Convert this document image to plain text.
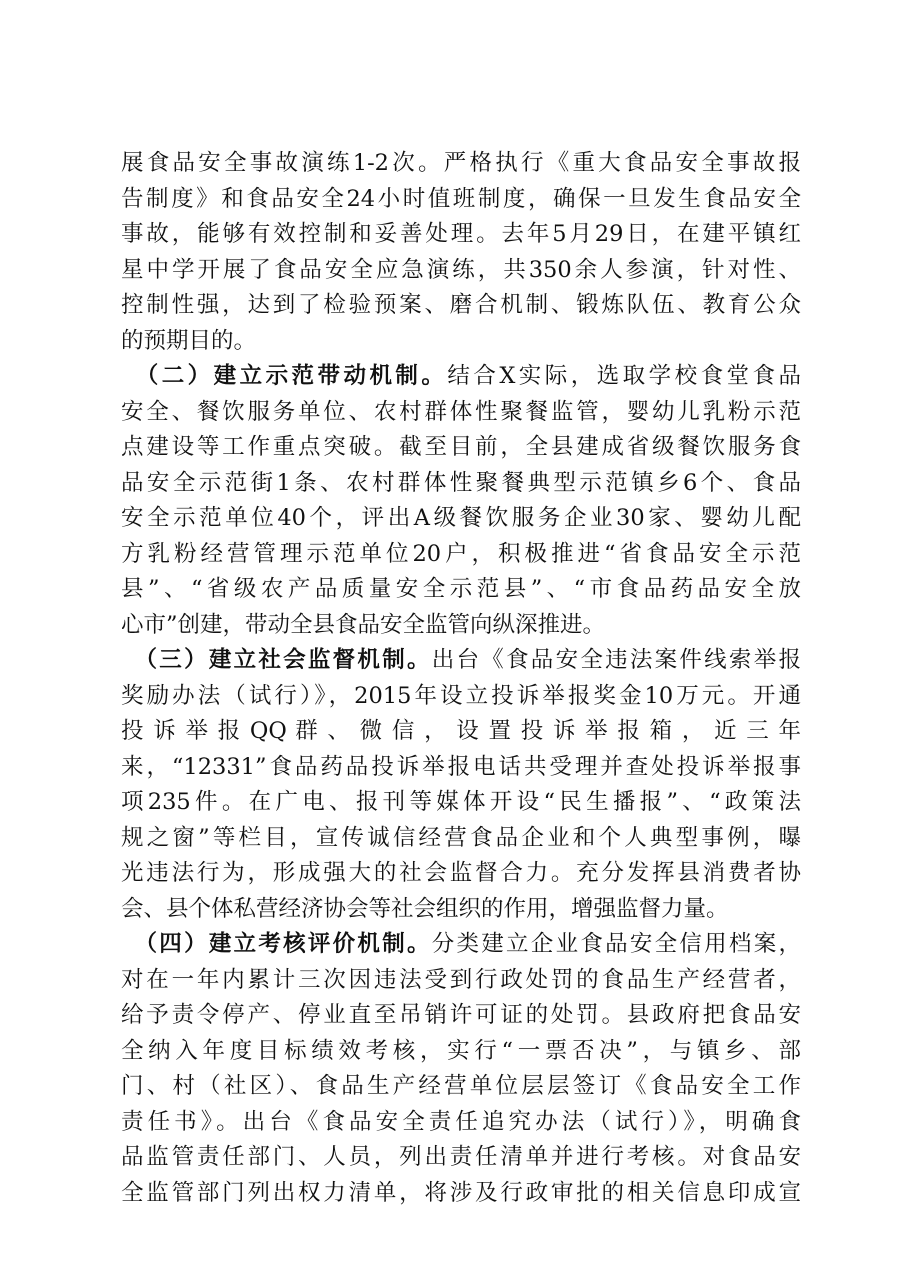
展食品安全事故演练1-2次。严格执行《重大食品安全事故报
告制度》和食品安全24小时值班制度，确保一旦发生食品安全
事故，能够有效控制和妥善处理。去年5月29日，在建平镇红
星中学开展了食品安全应急演练，共350余人参演，针对性、
控制性强，达到了检验预案、磨合机制、锻炼队伍、教育公众
的预期目的。
　（二）建立示范带动机制。结合X实际，选取学校食堂食品
安全、餐饮服务单位、农村群体性聚餐监管，婴幼儿乳粉示范
点建设等工作重点突破。截至目前，全县建成省级餐饮服务食
品安全示范街1条、农村群体性聚餐典型示范镇乡6个、食品
安全示范单位40个，评出A级餐饮服务企业30家、婴幼儿配
方乳粉经营管理示范单位20户，积极推进“省食品安全示范
县”、“省级农产品质量安全示范县”、“市食品药品安全放
心市”创建，带动全县食品安全监管向纵深推进。
　（三）建立社会监督机制。出台《食品安全违法案件线索举报
奖励办法（试行）》，2015年设立投诉举报奖金10万元。开通
投 诉 举 报 QQ 群 、 微 信 ， 设 置 投 诉 举 报 箱 ， 近 三 年
来，“12331”食品药品投诉举报电话共受理并查处投诉举报事
项235件。在广电、报刊等媒体开设“民生播报”、“政策法
规之窗”等栏目，宣传诚信经营食品企业和个人典型事例，曝
光违法行为，形成强大的社会监督合力。充分发挥县消费者协
会、县个体私营经济协会等社会组织的作用，增强监督力量。
　（四）建立考核评价机制。分类建立企业食品安全信用档案，
对在一年内累计三次因违法受到行政处罚的食品生产经营者，
给予责令停产、停业直至吊销许可证的处罚。县政府把食品安
全纳入年度目标绩效考核，实行“一票否决”，与镇乡、部
门、村（社区）、食品生产经营单位层层签订《食品安全工作
责任书》。出台《食品安全责任追究办法（试行）》，明确食
品监管责任部门、人员，列出责任清单并进行考核。对食品安
全监管部门列出权力清单，将涉及行政审批的相关信息印成宣
